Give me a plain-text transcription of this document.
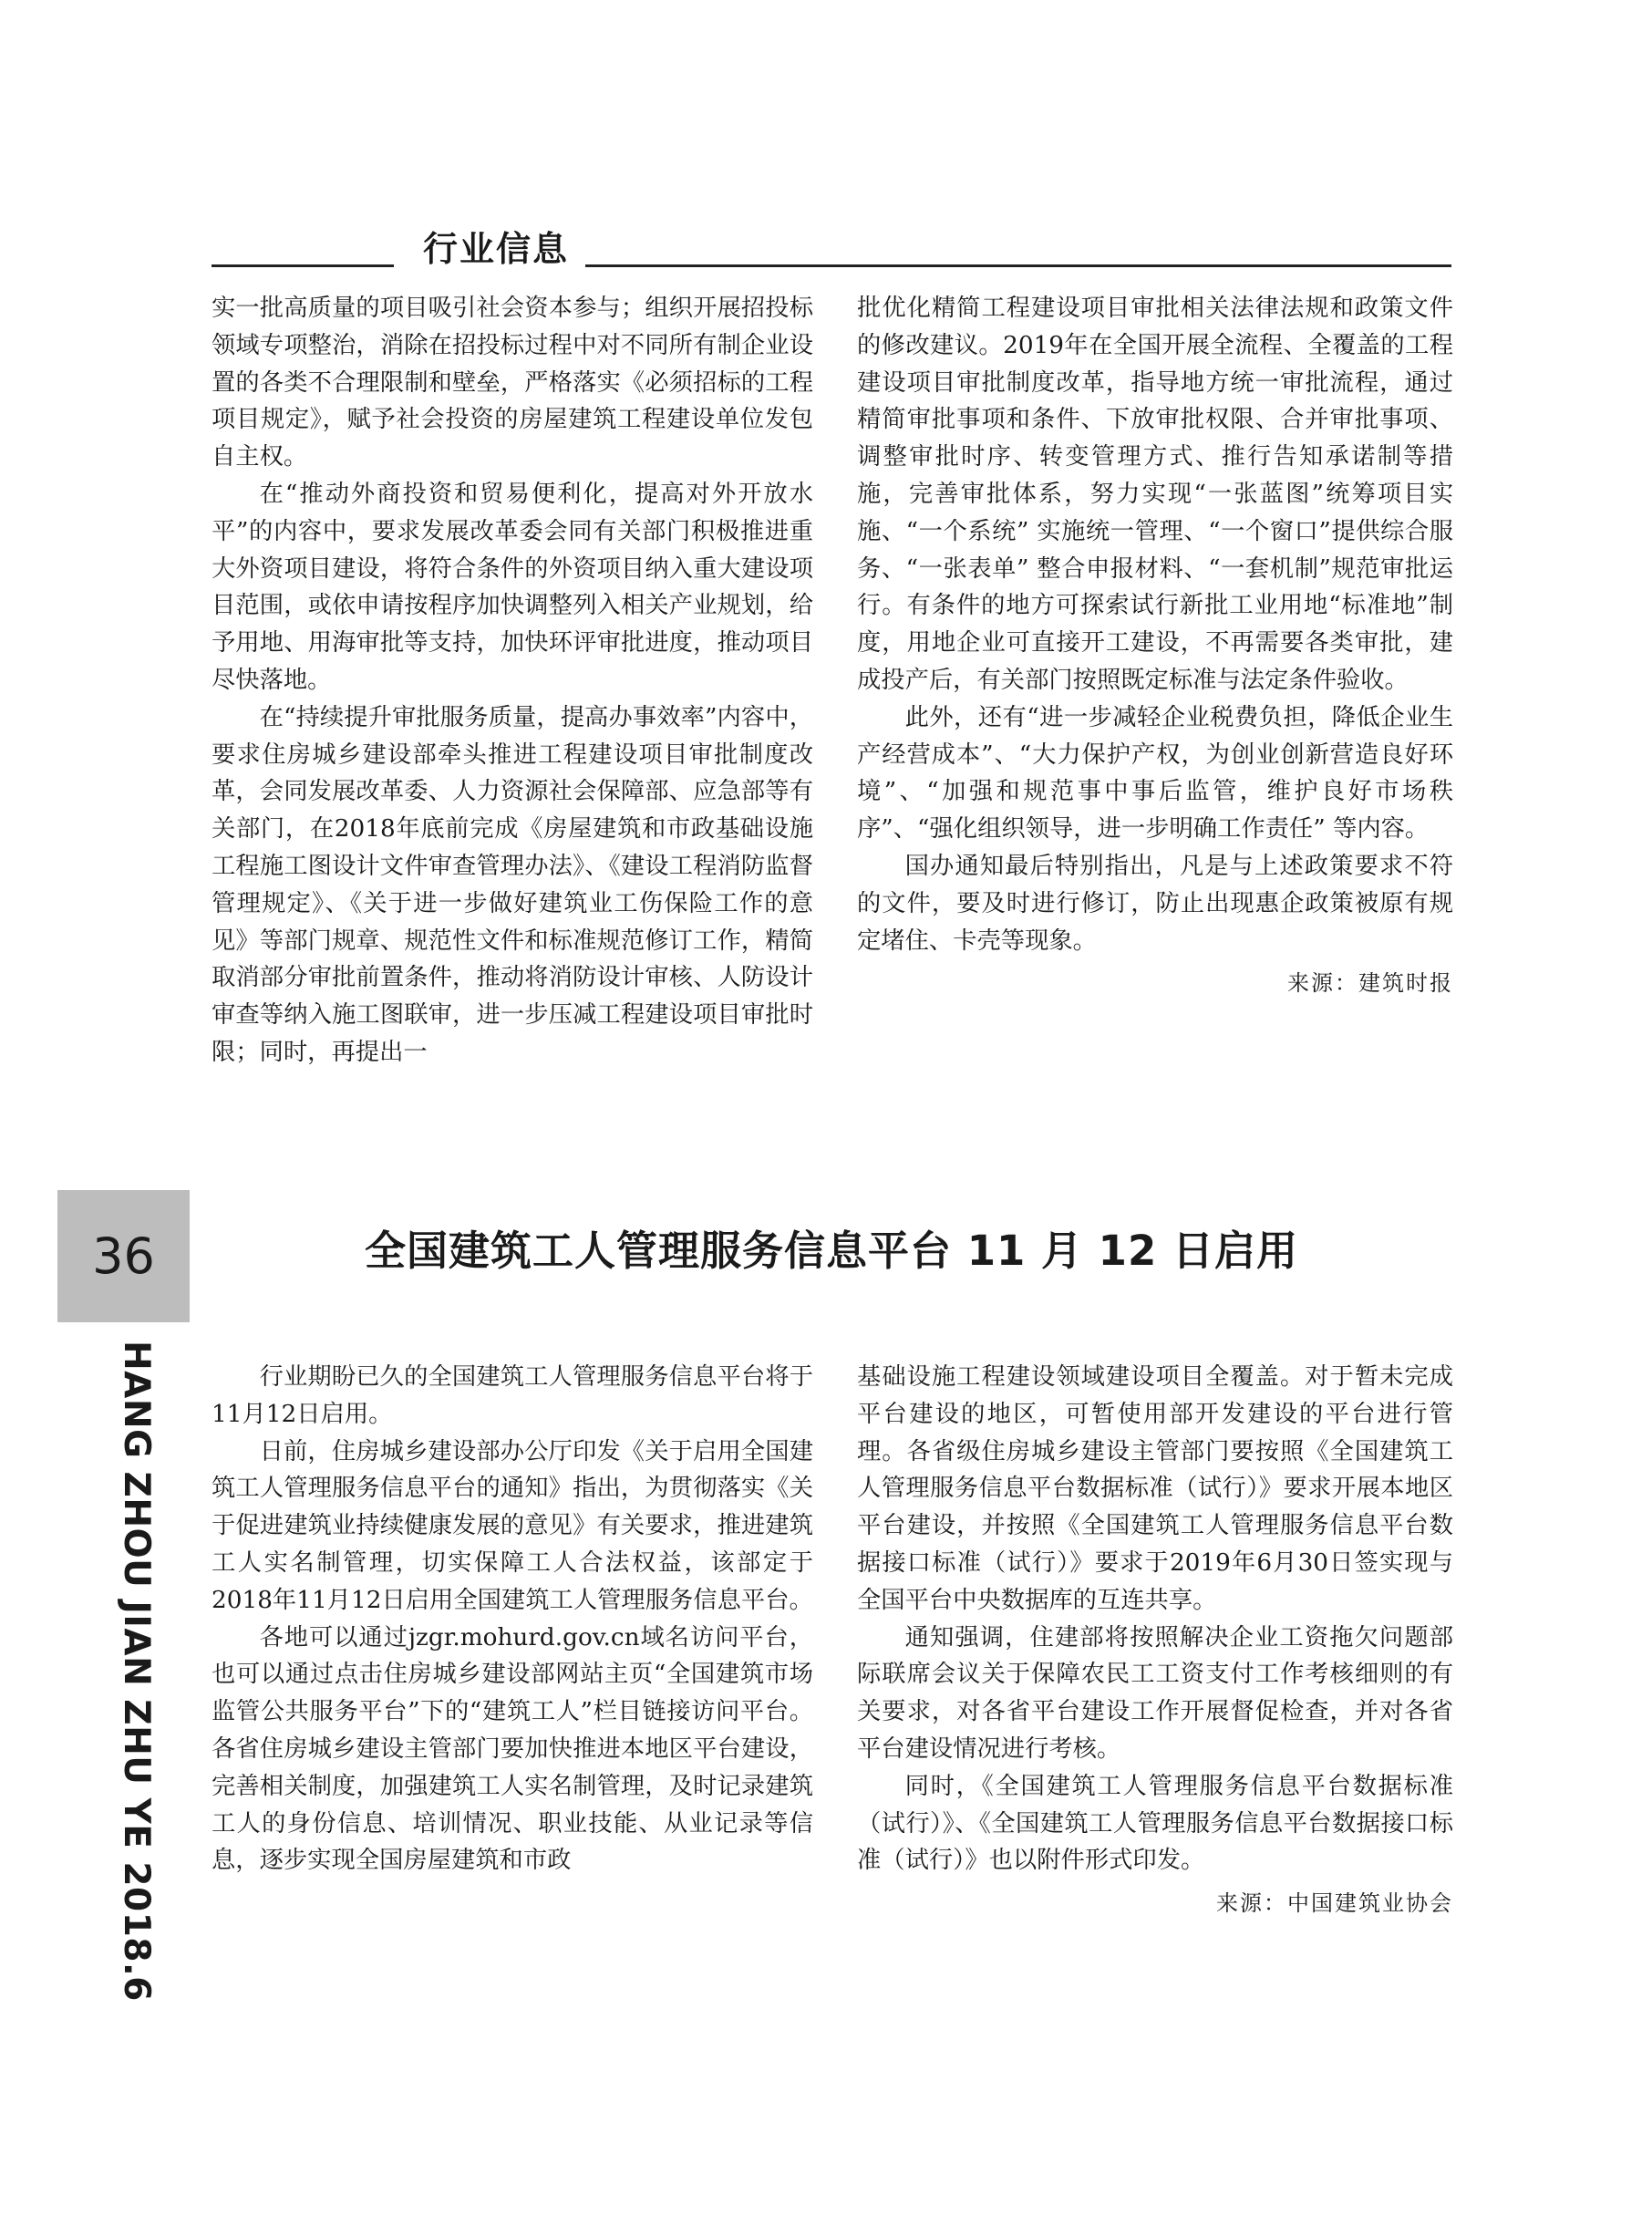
行业信息

实一批高质量的项目吸引社会资本参与；组织开展招投标领域专项整治，消除在招投标过程中对不同所有制企业设置的各类不合理限制和壁垒，严格落实《必须招标的工程项目规定》，赋予社会投资的房屋建筑工程建设单位发包自主权。

在“推动外商投资和贸易便利化，提高对外开放水平”的内容中，要求发展改革委会同有关部门积极推进重大外资项目建设，将符合条件的外资项目纳入重大建设项目范围，或依申请按程序加快调整列入相关产业规划，给予用地、用海审批等支持，加快环评审批进度，推动项目尽快落地。

在“持续提升审批服务质量，提高办事效率”内容中，要求住房城乡建设部牵头推进工程建设项目审批制度改革，会同发展改革委、人力资源社会保障部、应急部等有关部门，在2018年底前完成《房屋建筑和市政基础设施工程施工图设计文件审查管理办法》、《建设工程消防监督管理规定》、《关于进一步做好建筑业工伤保险工作的意见》等部门规章、规范性文件和标准规范修订工作，精简取消部分审批前置条件，推动将消防设计审核、人防设计审查等纳入施工图联审，进一步压减工程建设项目审批时限；同时，再提出一

批优化精简工程建设项目审批相关法律法规和政策文件的修改建议。2019年在全国开展全流程、全覆盖的工程建设项目审批制度改革，指导地方统一审批流程，通过精简审批事项和条件、下放审批权限、合并审批事项、调整审批时序、转变管理方式、推行告知承诺制等措施，完善审批体系，努力实现“一张蓝图”统筹项目实施、“一个系统” 实施统一管理、“一个窗口”提供综合服务、“一张表单” 整合申报材料、“一套机制”规范审批运行。有条件的地方可探索试行新批工业用地“标准地”制度，用地企业可直接开工建设，不再需要各类审批，建成投产后，有关部门按照既定标准与法定条件验收。

此外，还有“进一步减轻企业税费负担，降低企业生产经营成本”、“大力保护产权，为创业创新营造良好环境”、“加强和规范事中事后监管，维护良好市场秩序”、“强化组织领导，进一步明确工作责任” 等内容。

国办通知最后特别指出，凡是与上述政策要求不符的文件，要及时进行修订，防止出现惠企政策被原有规定堵住、卡壳等现象。

来源：建筑时报
36
HANG ZHOU JIAN ZHU YE 2018.6
全国建筑工人管理服务信息平台 11 月 12 日启用

行业期盼已久的全国建筑工人管理服务信息平台将于11月12日启用。

日前，住房城乡建设部办公厅印发《关于启用全国建筑工人管理服务信息平台的通知》指出，为贯彻落实《关于促进建筑业持续健康发展的意见》有关要求，推进建筑工人实名制管理，切实保障工人合法权益，该部定于2018年11月12日启用全国建筑工人管理服务信息平台。

各地可以通过jzgr.mohurd.gov.cn域名访问平台，也可以通过点击住房城乡建设部网站主页“全国建筑市场监管公共服务平台”下的“建筑工人”栏目链接访问平台。各省住房城乡建设主管部门要加快推进本地区平台建设，完善相关制度，加强建筑工人实名制管理，及时记录建筑工人的身份信息、培训情况、职业技能、从业记录等信息，逐步实现全国房屋建筑和市政

基础设施工程建设领域建设项目全覆盖。对于暂未完成平台建设的地区，可暂使用部开发建设的平台进行管理。各省级住房城乡建设主管部门要按照《全国建筑工人管理服务信息平台数据标准（试行）》要求开展本地区平台建设，并按照《全国建筑工人管理服务信息平台数据接口标准（试行）》要求于2019年6月30日签实现与全国平台中央数据库的互连共享。

通知强调，住建部将按照解决企业工资拖欠问题部际联席会议关于保障农民工工资支付工作考核细则的有关要求，对各省平台建设工作开展督促检查，并对各省平台建设情况进行考核。

同时，《全国建筑工人管理服务信息平台数据标准（试行）》、《全国建筑工人管理服务信息平台数据接口标准（试行）》也以附件形式印发。

来源：中国建筑业协会
